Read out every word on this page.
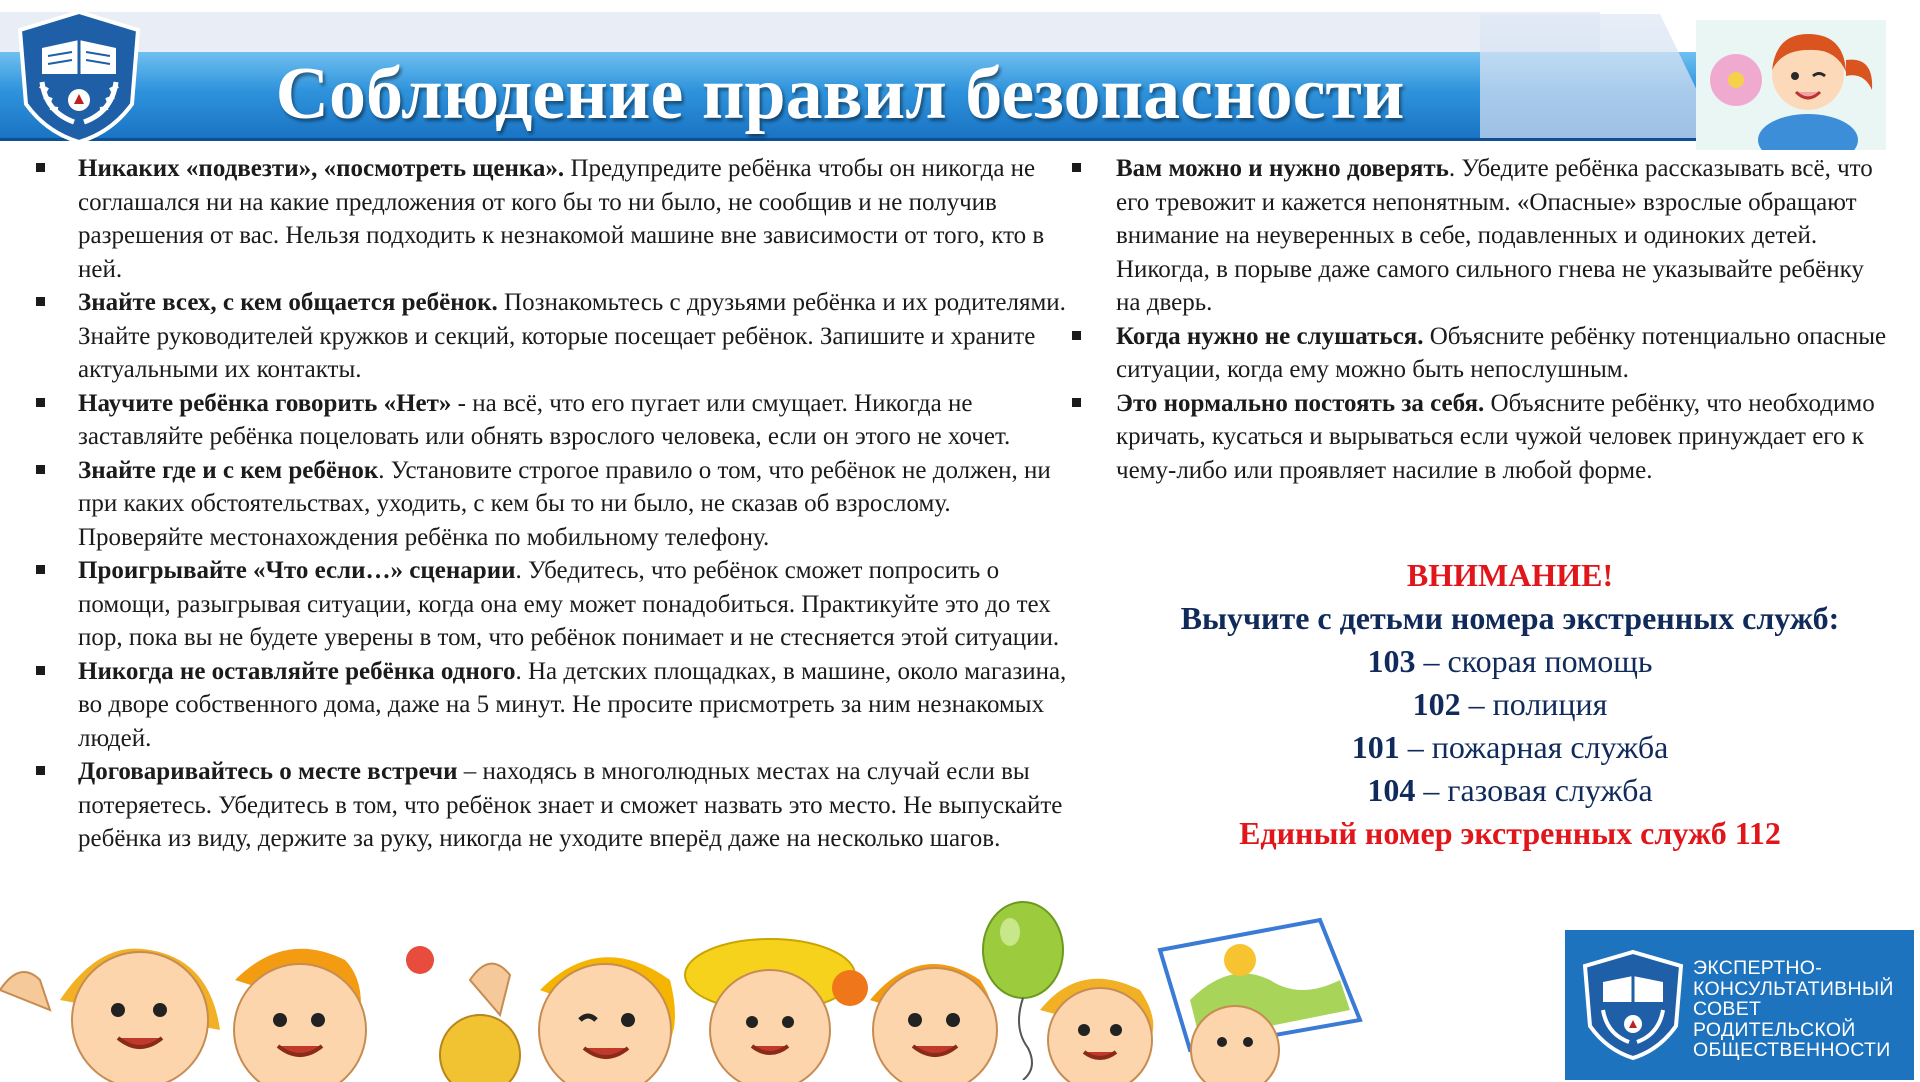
Соблюдение правил безопасности
Никаких «подвезти», «посмотреть щенка». Предупредите ребёнка чтобы он никогда не соглашался ни на какие предложения от кого бы то ни было, не сообщив и не получив разрешения от вас. Нельзя подходить к незнакомой машине вне зависимости от того, кто в ней.
Знайте всех, с кем общается ребёнок. Познакомьтесь с друзьями ребёнка и их родителями. Знайте руководителей кружков и секций, которые посещает ребёнок. Запишите и храните актуальными их контакты.
Научите ребёнка говорить «Нет» - на всё, что его пугает или смущает. Никогда не заставляйте ребёнка поцеловать или обнять взрослого человека, если он этого не хочет.
Знайте где и с кем ребёнок. Установите строгое правило о том, что ребёнок не должен, ни при каких обстоятельствах, уходить, с кем бы то ни было, не сказав об взрослому. Проверяйте местонахождения ребёнка по мобильному телефону.
Проигрывайте «Что если…» сценарии. Убедитесь, что ребёнок сможет попросить о помощи, разыгрывая ситуации, когда она ему может понадобиться. Практикуйте это до тех пор, пока вы не будете уверены в том, что ребёнок понимает и не стесняется этой ситуации.
Никогда не оставляйте ребёнка одного. На детских площадках, в машине, около магазина, во дворе собственного дома, даже на 5 минут. Не просите присмотреть за ним незнакомых людей.
Договаривайтесь о месте встречи – находясь в многолюдных местах на случай если вы потеряетесь. Убедитесь в том, что ребёнок знает и сможет назвать это место. Не выпускайте ребёнка из виду, держите за руку, никогда не уходите вперёд даже на несколько шагов.
Вам можно и нужно доверять. Убедите ребёнка рассказывать всё, что его тревожит и кажется непонятным. «Опасные» взрослые обращают внимание на неуверенных в себе, подавленных и одиноких детей. Никогда, в порыве даже самого сильного гнева не указывайте ребёнку на дверь.
Когда нужно не слушаться. Объясните ребёнку потенциально опасные ситуации, когда ему можно быть непослушным.
Это нормально постоять за себя. Объясните ребёнку, что необходимо кричать, кусаться и вырываться если чужой человек принуждает его к чему-либо или проявляет насилие в любой форме.
ВНИМАНИЕ!
Выучите с детьми номера экстренных служб:
103 – скорая помощь
102 – полиция
101 – пожарная служба
104 – газовая служба
Единый номер экстренных служб 112
ЭКСПЕРТНО-
КОНСУЛЬТАТИВНЫЙ
СОВЕТ
РОДИТЕЛЬСКОЙ
ОБЩЕСТВЕННОСТИ
